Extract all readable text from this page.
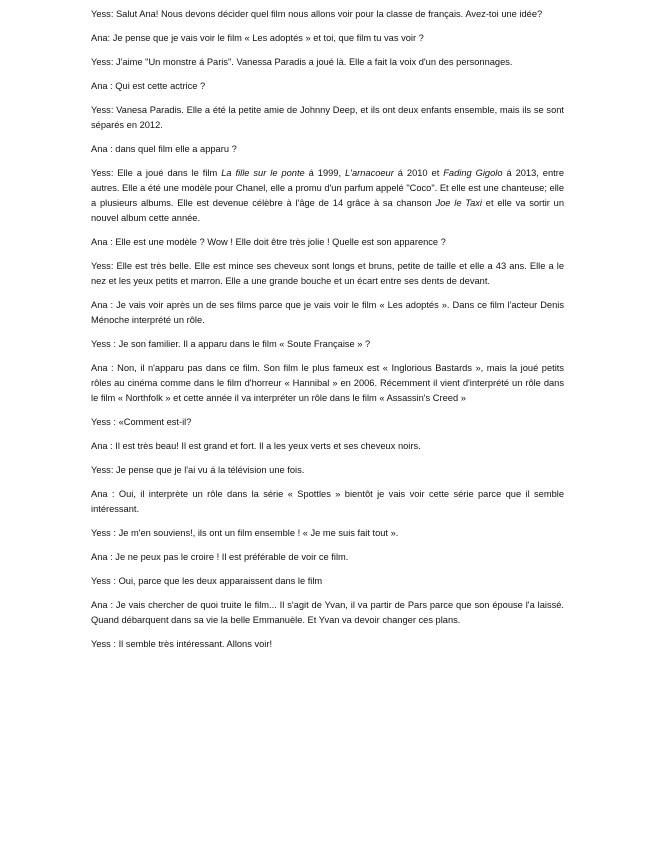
Yess: Salut Ana! Nous devons décider quel film nous allons voir pour la classe de français. Avez-toi une idée?

Ana: Je pense que je vais voir le film « Les adoptés » et toi, que film tu vas voir ?

Yess: J'aime "Un monstre á Paris". Vanessa Paradis a joué là. Elle a fait la voix d'un des personnages.

Ana : Qui est cette actrice ?

Yess: Vanesa Paradis. Elle a été la petite amie de Johnny Deep, et ils ont deux enfants ensemble, mais ils se sont séparés en 2012.

Ana : dans quel film elle a apparu ?

Yess: Elle a joué dans le film La fille sur le ponte á 1999, L'arnacoeur á 2010 et Fading Gigolo á 2013, entre autres. Elle a été une modèle pour Chanel, elle a promu d'un parfum appelé "Coco". Et elle est une chanteuse; elle a plusieurs albums. Elle est devenue célèbre à l'âge de 14 grâce à sa chanson Joe le Taxi et elle va sortir un nouvel album cette année.

Ana : Elle est une modèle ? Wow ! Elle doit être très jolie ! Quelle est son apparence ?

Yess: Elle est très belle. Elle est mince ses cheveux sont longs et bruns, petite de taille et elle a 43 ans. Elle a le nez et les yeux petits et marron. Elle a une grande bouche et un écart entre ses dents de devant.

Ana : Je vais voir après un de ses films parce que je vais voir le film « Les adoptés ». Dans ce film l'acteur Denis Ménoche interprété un rôle.

Yess : Je son familier. Il a apparu dans le film « Soute Française » ?

Ana : Non, il n'apparu pas dans ce film. Son film le plus fameux est « Inglorious Bastards », mais la joué petits rôles au cinéma comme dans le film d'horreur « Hannibal » en 2006. Récemment il vient d'interprété un rôle dans le film « Northfolk » et cette année il va interpréter un rôle dans le film « Assassin's Creed »

Yess : «Comment est-il?

Ana : Il est très beau! Il est grand et fort. Il a les yeux verts et ses cheveux noirs.

Yess: Je pense que je l'ai vu á la télévision une fois.

Ana : Oui, il interprète un rôle dans la série « Spottles » bientôt je vais voir cette série parce que il semble intéressant.

Yess : Je m'en souviens!, ils ont un film ensemble ! « Je me suis fait tout ».

Ana : Je ne peux pas le croire ! Il est préférable de voir ce film.

Yess : Oui, parce que les deux apparaissent dans le film

Ana : Je vais chercher de quoi truite le film... Il s'agit de Yvan, il va partir de Pars parce que son épouse l'a laissé. Quand débarquent dans sa vie la belle Emmanuèle. Et Yvan va devoir changer ces plans.

Yess : Il semble très intéressant. Allons voir!
